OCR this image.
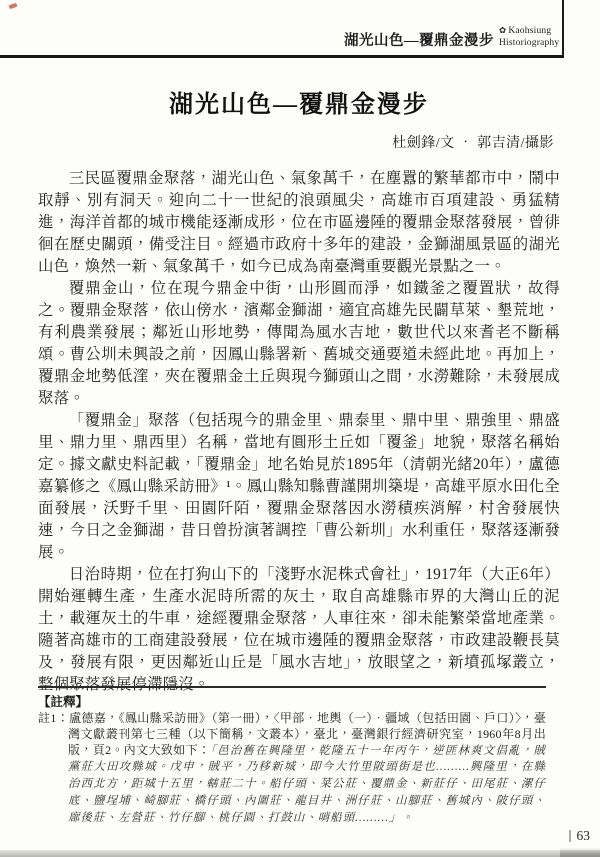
湖光山色—覆鼎金漫步
✿ Kaohsiung
Historiography
湖光山色—覆鼎金漫步
杜劍鋒/文 ‧ 郭吉清/攝影

三民區覆鼎金聚落，湖光山色、氣象萬千，在塵囂的繁華都市中，鬧中取靜、別有洞天。迎向二十一世紀的浪頭風尖，高雄市百項建設、勇猛精進，海洋首都的城市機能逐漸成形，位在市區邊陲的覆鼎金聚落發展，曾徘徊在歷史關頭，備受注目。經過市政府十多年的建設，金獅湖風景區的湖光山色，煥然一新、氣象萬千，如今已成為南臺灣重要觀光景點之一。

覆鼎金山，位在現今鼎金中街，山形圓而淨，如鐵釜之覆置狀，故得之。覆鼎金聚落，依山傍水，濱鄰金獅湖，適宜高雄先民闢草萊、墾荒地，有利農業發展；鄰近山形地勢，傳聞為風水吉地，數世代以來耆老不斷稱頌。曹公圳未興設之前，因鳳山縣署新、舊城交通要道未經此地。再加上，覆鼎金地勢低漥，夾在覆鼎金土丘與現今獅頭山之間，水澇難除，未發展成聚落。

「覆鼎金」聚落（包括現今的鼎金里、鼎泰里、鼎中里、鼎強里、鼎盛里、鼎力里、鼎西里）名稱，當地有圓形土丘如「覆釜」地貌，聚落名稱始定。據文獻史料記載，「覆鼎金」地名始見於1895年（清朝光緒20年），盧德嘉纂修之《鳳山縣采訪冊》¹。鳳山縣知縣曹謹開圳築堤，高雄平原水田化全面發展，沃野千里、田園阡陌，覆鼎金聚落因水澇積疾消解，村舍發展快速，今日之金獅湖，昔日曾扮演著調控「曹公新圳」水利重任，聚落逐漸發展。

日治時期，位在打狗山下的「淺野水泥株式會社」，1917年（大正6年）開始運轉生產，生產水泥時所需的灰土，取自高雄縣市界的大灣山丘的泥土，載運灰土的牛車，途經覆鼎金聚落，人車往來，卻未能繁榮當地產業。隨著高雄市的工商建設發展，位在城市邊陲的覆鼎金聚落，市政建設鞭長莫及，發展有限，更因鄰近山丘是「風水吉地」，放眼望之，新墳孤塚叢立，整個聚落發展停滯隱沒。

【註釋】
註1：盧德嘉，《鳳山縣采訪冊》（第一冊），〈甲部‧地輿（一）‧疆域（包括田園、戶口）〉，臺灣文獻叢刊第七三種（以下簡稱，文叢本），臺北，臺灣銀行經濟研究室，1960年8月出版，頁2。內文大致如下：「邑治舊在興隆里，乾隆五十一年丙午，逆匪林爽文倡亂，賊黨莊大田攻縣城。戊申，賊平，乃移新城，即今大竹里陂頭街是也………興隆里，在縣治西北方，距城十五里，轄莊二十。船仔頭、菜公莊、覆鼎金、新莊仔、田尾莊、漯仔底、鹽埕埔、崎腳莊、橋仔頭、內圍莊、龍目井、洲仔莊、山腳莊、舊城內、陂仔頭、廍後莊、左營莊、竹仔腳、桃仔園、打鼓山、哨船頭………」。
63
